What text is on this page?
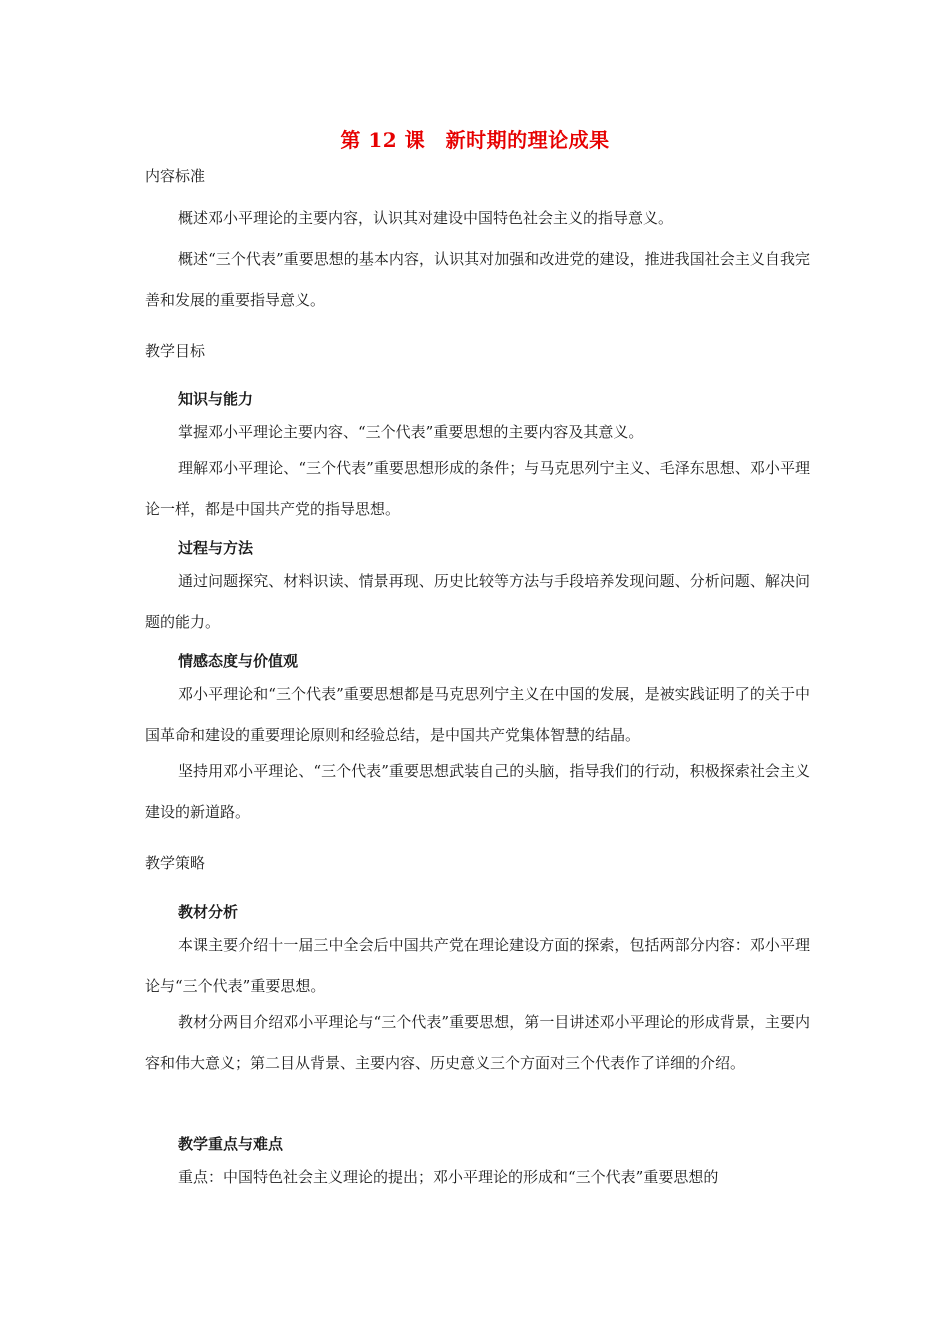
第 12 课　新时期的理论成果

内容标准

概述邓小平理论的主要内容，认识其对建设中国特色社会主义的指导意义。

概述“三个代表”重要思想的基本内容，认识其对加强和改进党的建设，推进我国社会主义自我完善和发展的重要指导意义。

教学目标

知识与能力

掌握邓小平理论主要内容、“三个代表”重要思想的主要内容及其意义。

理解邓小平理论、“三个代表”重要思想形成的条件；与马克思列宁主义、毛泽东思想、邓小平理论一样，都是中国共产党的指导思想。

过程与方法

通过问题探究、材料识读、情景再现、历史比较等方法与手段培养发现问题、分析问题、解决问题的能力。

情感态度与价值观

邓小平理论和“三个代表”重要思想都是马克思列宁主义在中国的发展，是被实践证明了的关于中国革命和建设的重要理论原则和经验总结，是中国共产党集体智慧的结晶。

坚持用邓小平理论、“三个代表”重要思想武装自己的头脑，指导我们的行动，积极探索社会主义建设的新道路。

教学策略

教材分析

本课主要介绍十一届三中全会后中国共产党在理论建设方面的探索，包括两部分内容：邓小平理论与“三个代表”重要思想。

教材分两目介绍邓小平理论与“三个代表”重要思想，第一目讲述邓小平理论的形成背景，主要内容和伟大意义；第二目从背景、主要内容、历史意义三个方面对三个代表作了详细的介绍。

教学重点与难点

重点：中国特色社会主义理论的提出；邓小平理论的形成和“三个代表”重要思想的
